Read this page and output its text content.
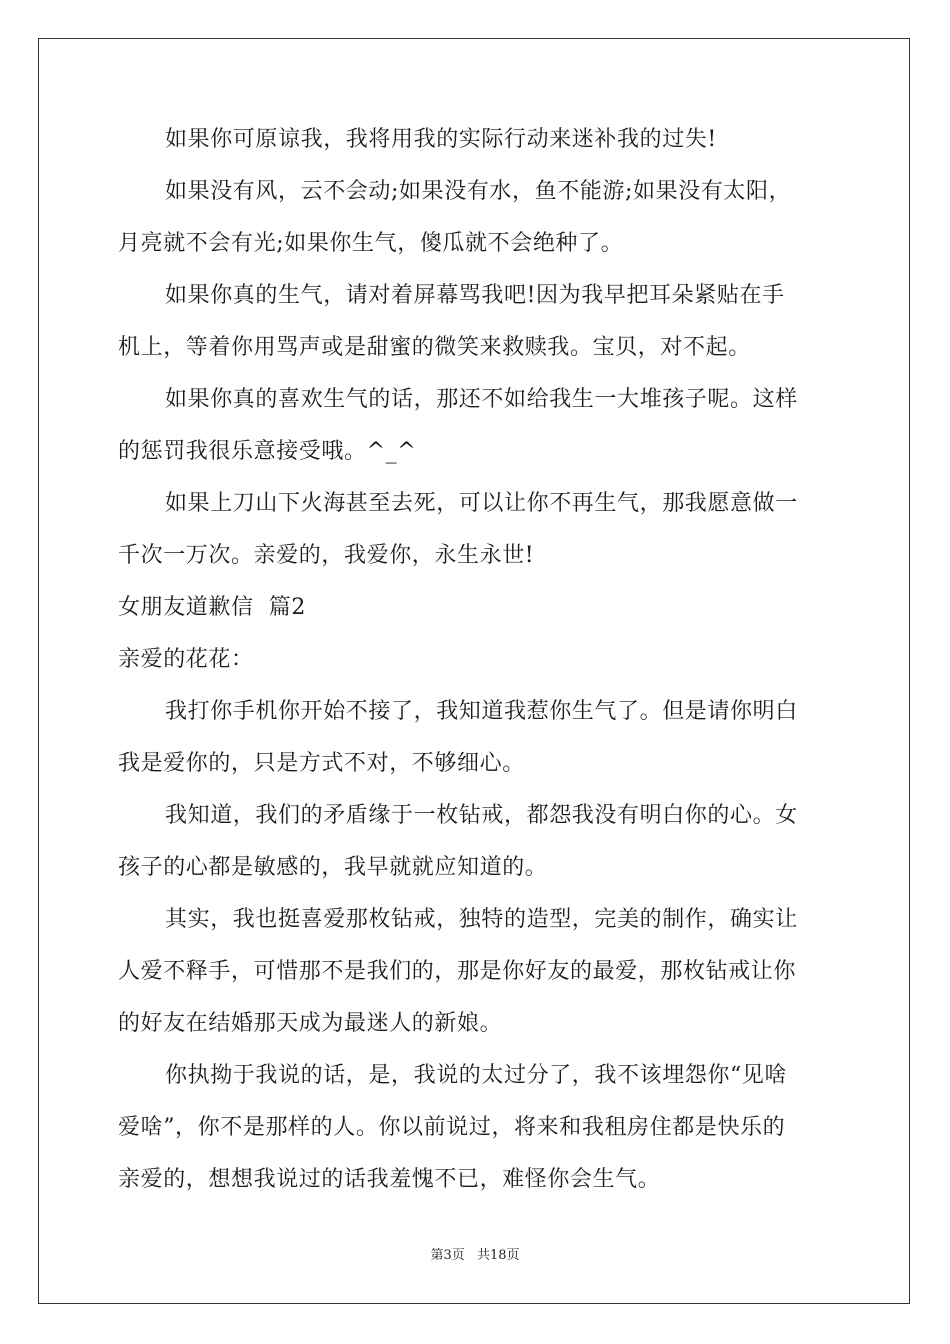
如果你可原谅我，我将用我的实际行动来迷补我的过失!
如果没有风，云不会动;如果没有水，鱼不能游;如果没有太阳，
月亮就不会有光;如果你生气，傻瓜就不会绝种了。
如果你真的生气，请对着屏幕骂我吧!因为我早把耳朵紧贴在手
机上，等着你用骂声或是甜蜜的微笑来救赎我。宝贝，对不起。
如果你真的喜欢生气的话，那还不如给我生一大堆孩子呢。这样
的惩罚我很乐意接受哦。^_^
如果上刀山下火海甚至去死，可以让你不再生气，那我愿意做一
千次一万次。亲爱的，我爱你，永生永世!
女朋友道歉信  篇2
亲爱的花花：
我打你手机你开始不接了，我知道我惹你生气了。但是请你明白
我是爱你的，只是方式不对，不够细心。
我知道，我们的矛盾缘于一枚钻戒，都怨我没有明白你的心。女
孩子的心都是敏感的，我早就就应知道的。
其实，我也挺喜爱那枚钻戒，独特的造型，完美的制作，确实让
人爱不释手，可惜那不是我们的，那是你好友的最爱，那枚钻戒让你
的好友在结婚那天成为最迷人的新娘。
你执拗于我说的话，是，我说的太过分了，我不该埋怨你“见啥
爱啥”，你不是那样的人。你以前说过，将来和我租房住都是快乐的
亲爱的，想想我说过的话我羞愧不已，难怪你会生气。
第3页 共18页
